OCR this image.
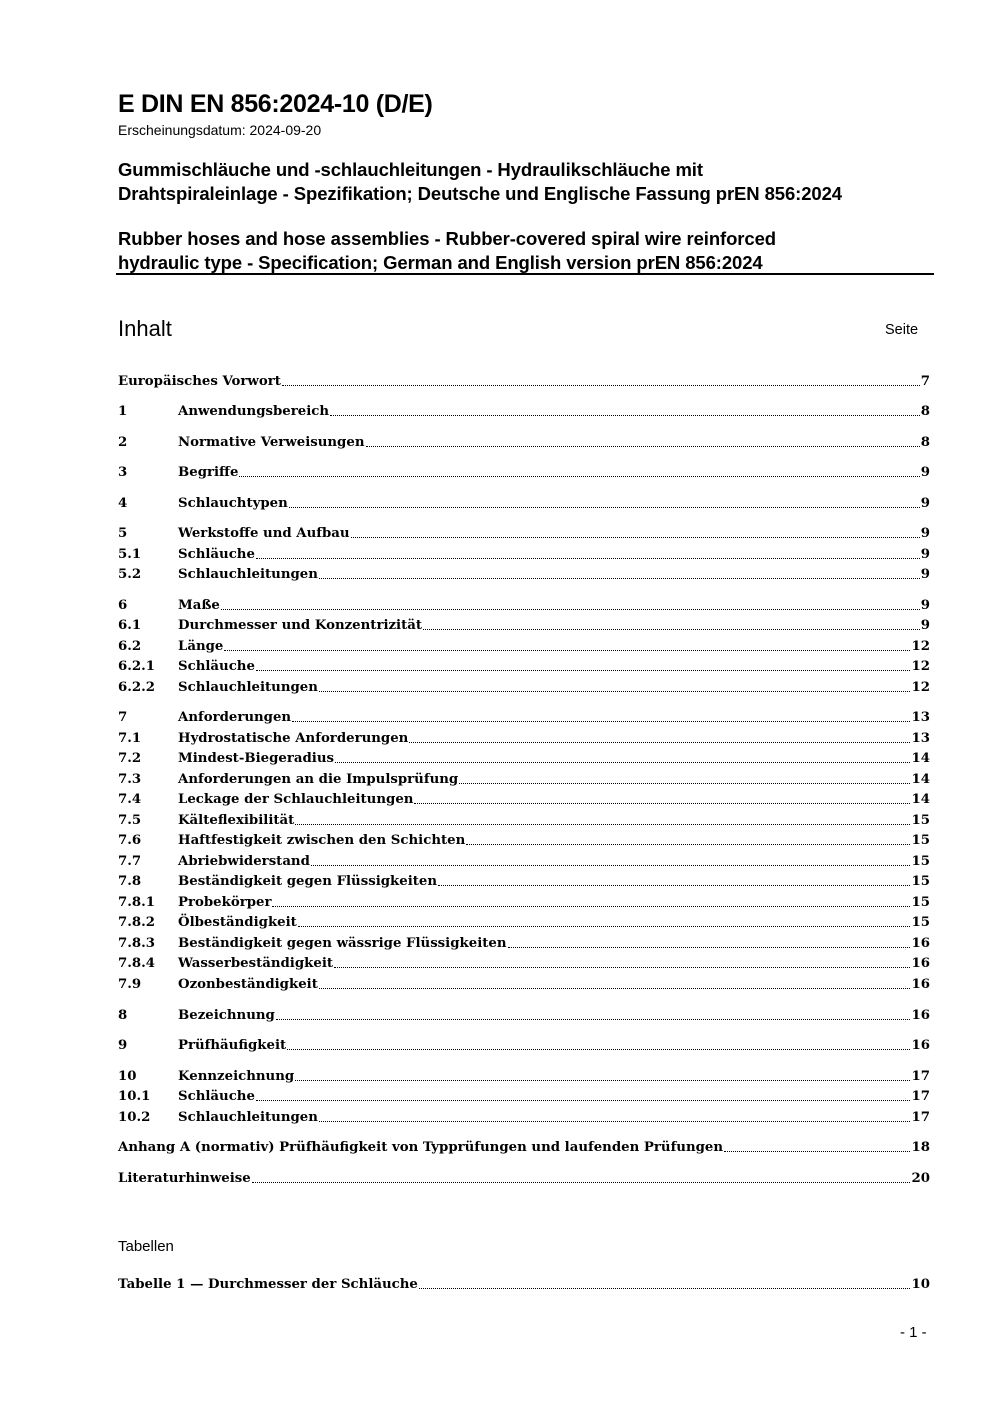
E DIN EN 856:2024-10 (D/E)
Erscheinungsdatum: 2024-09-20
Gummischläuche und -schlauchleitungen - Hydraulikschläuche mit
Drahtspiraleinlage - Spezifikation; Deutsche und Englische Fassung prEN 856:2024
Rubber hoses and hose assemblies - Rubber-covered spiral wire reinforced
hydraulic type - Specification; German and English version prEN 856:2024
Inhalt	Seite
Europäisches Vorwort	7
1	Anwendungsbereich	8
2	Normative Verweisungen	8
3	Begriffe	9
4	Schlauchtypen	9
5	Werkstoffe und Aufbau	9
5.1	Schläuche	9
5.2	Schlauchleitungen	9
6	Maße	9
6.1	Durchmesser und Konzentrizität	9
6.2	Länge	12
6.2.1	Schläuche	12
6.2.2	Schlauchleitungen	12
7	Anforderungen	13
7.1	Hydrostatische Anforderungen	13
7.2	Mindest-Biegeradius	14
7.3	Anforderungen an die Impulsprüfung	14
7.4	Leckage der Schlauchleitungen	14
7.5	Kälteflexibilität	15
7.6	Haftfestigkeit zwischen den Schichten	15
7.7	Abriebwiderstand	15
7.8	Beständigkeit gegen Flüssigkeiten	15
7.8.1	Probekörper	15
7.8.2	Ölbeständigkeit	15
7.8.3	Beständigkeit gegen wässrige Flüssigkeiten	16
7.8.4	Wasserbeständigkeit	16
7.9	Ozonbeständigkeit	16
8	Bezeichnung	16
9	Prüfhäufigkeit	16
10	Kennzeichnung	17
10.1	Schläuche	17
10.2	Schlauchleitungen	17
Anhang A (normativ) Prüfhäufigkeit von Typprüfungen und laufenden Prüfungen	18
Literaturhinweise	20
Tabellen
Tabelle 1 — Durchmesser der Schläuche	10
- 1 -
